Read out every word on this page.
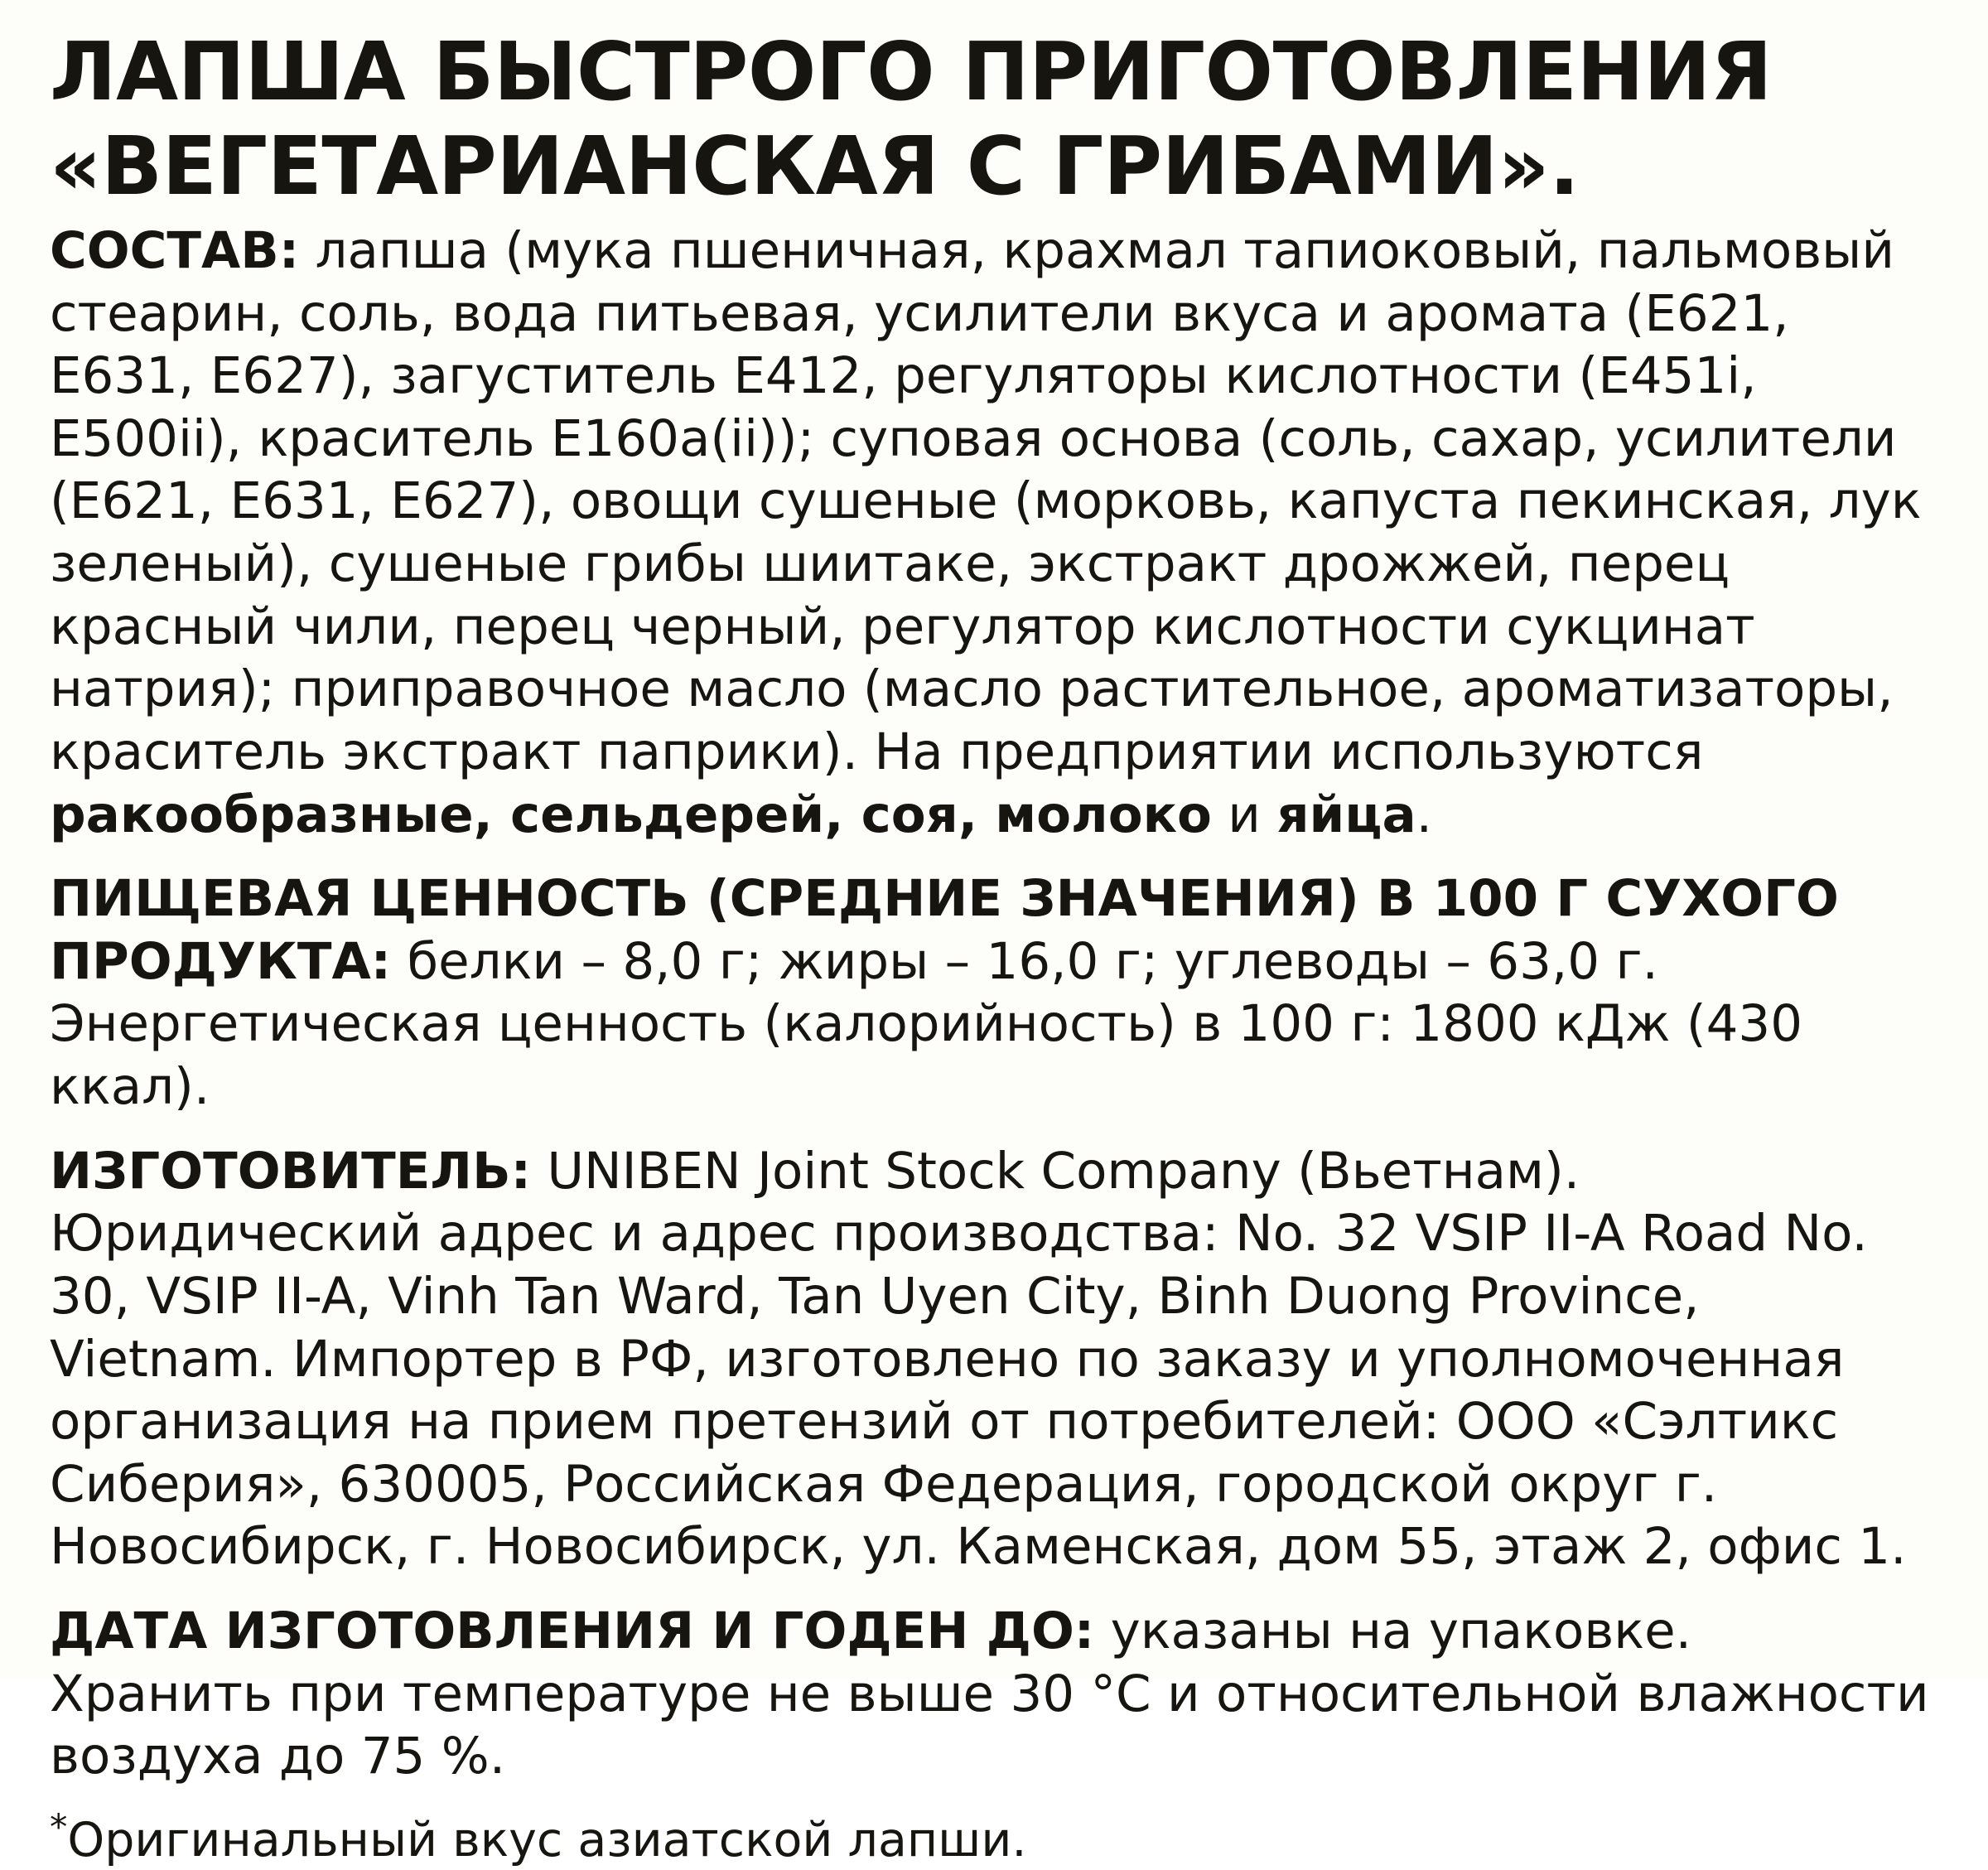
ЛАПША БЫСТРОГО ПРИГОТОВЛЕНИЯ
«ВЕГЕТАРИАНСКАЯ С ГРИБАМИ».

СОСТАВ: лапша (мука пшеничная, крахмал тапиоковый, пальмовый стеарин, соль, вода питьевая, усилители вкуса и аромата (Е621, Е631, Е627), загуститель Е412, регуляторы кислотности (Е451i, Е500ii), краситель Е160a(ii)); суповая основа (соль, сахар, усилители (Е621, Е631, Е627), овощи сушеные (морковь, капуста пекинская, лук зеленый), сушеные грибы шиитаке, экстракт дрожжей, перец красный чили, перец черный, регулятор кислотности сукцинат натрия); приправочное масло (масло растительное, ароматизаторы, краситель экстракт паприки). На предприятии используются ракообразные, сельдерей, соя, молоко и яйца.

ПИЩЕВАЯ ЦЕННОСТЬ (СРЕДНИЕ ЗНАЧЕНИЯ) В 100 Г СУХОГО ПРОДУКТА: белки – 8,0 г; жиры – 16,0 г; углеводы – 63,0 г. Энергетическая ценность (калорийность) в 100 г: 1800 кДж (430 ккал).

ИЗГОТОВИТЕЛЬ: UNIBEN Joint Stock Company (Вьетнам). Юридический адрес и адрес производства: No. 32 VSIP II-A Road No. 30, VSIP II-A, Vinh Tan Ward, Tan Uyen City, Binh Duong Province, Vietnam. Импортер в РФ, изготовлено по заказу и уполномоченная организация на прием претензий от потребителей: ООО «Сэлтикс Сиберия», 630005, Российская Федерация, городской округ г. Новосибирск, г. Новосибирск, ул. Каменская, дом 55, этаж 2, офис 1.

ДАТА ИЗГОТОВЛЕНИЯ И ГОДЕН ДО: указаны на упаковке. Хранить при температуре не выше 30 °C и относительной влажности воздуха до 75 %.

*Оригинальный вкус азиатской лапши.
